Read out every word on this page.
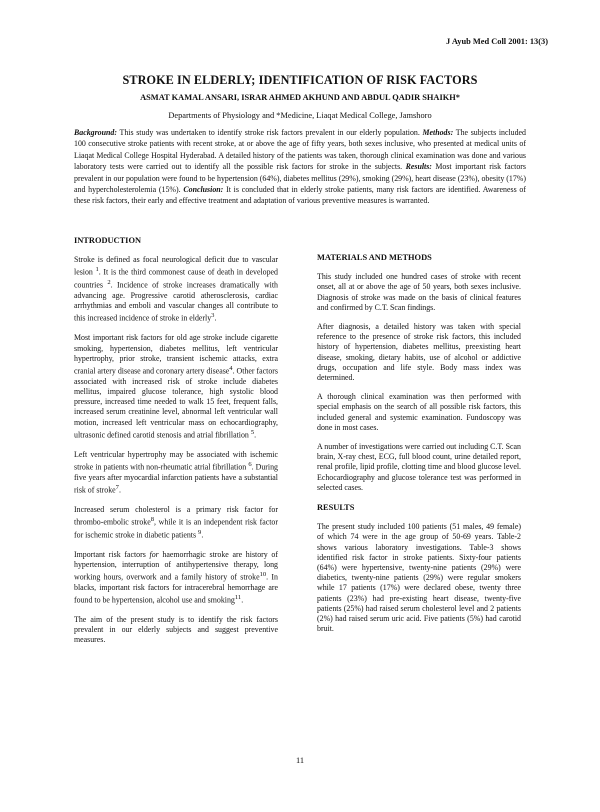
J Ayub Med Coll 2001: 13(3)
STROKE IN ELDERLY; IDENTIFICATION OF RISK FACTORS
ASMAT KAMAL ANSARI, ISRAR AHMED AKHUND AND ABDUL QADIR SHAIKH*
Departments of Physiology and *Medicine, Liaqat Medical College, Jamshoro

Background: This study was undertaken to identify stroke risk factors prevalent in our elderly population. Methods: The subjects included 100 consecutive stroke patients with recent stroke, at or above the age of fifty years, both sexes inclusive, who presented at medical units of Liaqat Medical College Hospital Hyderabad. A detailed history of the patients was taken, thorough clinical examination was done and various laboratory tests were carried out to identify all the possible risk factors for stroke in the subjects. Results: Most important risk factors prevalent in our population were found to be hypertension (64%), diabetes mellitus (29%), smoking (29%), heart disease (23%), obesity (17%) and hypercholesterolemia (15%). Conclusion: It is concluded that in elderly stroke patients, many risk factors are identified. Awareness of these risk factors, their early and effective treatment and adaptation of various preventive measures is warranted.

INTRODUCTION

Stroke is defined as focal neurological deficit due to vascular lesion $^1$. It is the third commonest cause of death in developed countries $^2$. Incidence of stroke increases dramatically with advancing age. Progressive carotid atherosclerosis, cardiac arrhythmias and emboli and vascular changes all contribute to this increased incidence of stroke in elderly$^3$.

Most important risk factors for old age stroke include cigarette smoking, hypertension, diabetes mellitus, left ventricular hypertrophy, prior stroke, transient ischemic attacks, extra cranial artery disease and coronary artery disease$^4$. Other factors associated with increased risk of stroke include diabetes mellitus, impaired glucose tolerance, high systolic blood pressure, increased time needed to walk 15 feet, frequent falls, increased serum creatinine level, abnormal left ventricular wall motion, increased left ventricular mass on echocardiography, ultrasonic defined carotid stenosis and atrial fibrillation $^5$.

Left ventricular hypertrophy may be associated with ischemic stroke in patients with non-rheumatic atrial fibrillation $^6$. During five years after myocardial infarction patients have a substantial risk of stroke$^7$.

Increased serum cholesterol is a primary risk factor for thrombo-embolic stroke$^8$, while it is an independent risk factor for ischemic stroke in diabetic patients $^9$.

Important risk factors for haemorrhagic stroke are history of hypertension, interruption of antihypertensive therapy, long working hours, overwork and a family history of stroke$^{10}$. In blacks, important risk factors for intracerebral hemorrhage are found to be hypertension, alcohol use and smoking$^{11}$.

The aim of the present study is to identify the risk factors prevalent in our elderly subjects and suggest preventive measures.

MATERIALS AND METHODS

This study included one hundred cases of stroke with recent onset, all at or above the age of 50 years, both sexes inclusive. Diagnosis of stroke was made on the basis of clinical features and confirmed by C.T. Scan findings.

After diagnosis, a detailed history was taken with special reference to the presence of stroke risk factors, this included history of hypertension, diabetes mellitus, preexisting heart disease, smoking, dietary habits, use of alcohol or addictive drugs, occupation and life style. Body mass index was determined.

A thorough clinical examination was then performed with special emphasis on the search of all possible risk factors, this included general and systemic examination. Fundoscopy was done in most cases.

A number of investigations were carried out including C.T. Scan brain, X-ray chest, ECG, full blood count, urine detailed report, renal profile, lipid profile, clotting time and blood glucose level. Echocardiography and glucose tolerance test was performed in selected cases.

RESULTS

The present study included 100 patients (51 males, 49 female) of which 74 were in the age group of 50-69 years. Table-2 shows various laboratory investigations. Table-3 shows identified risk factor in stroke patients. Sixty-four patients (64%) were hypertensive, twenty-nine patients (29%) were diabetics, twenty-nine patients (29%) were regular smokers while 17 patients (17%) were declared obese, twenty three patients (23%) had pre-existing heart disease, twenty-five patients (25%) had raised serum cholesterol level and 2 patients (2%) had raised serum uric acid. Five patients (5%) had carotid bruit.

11
